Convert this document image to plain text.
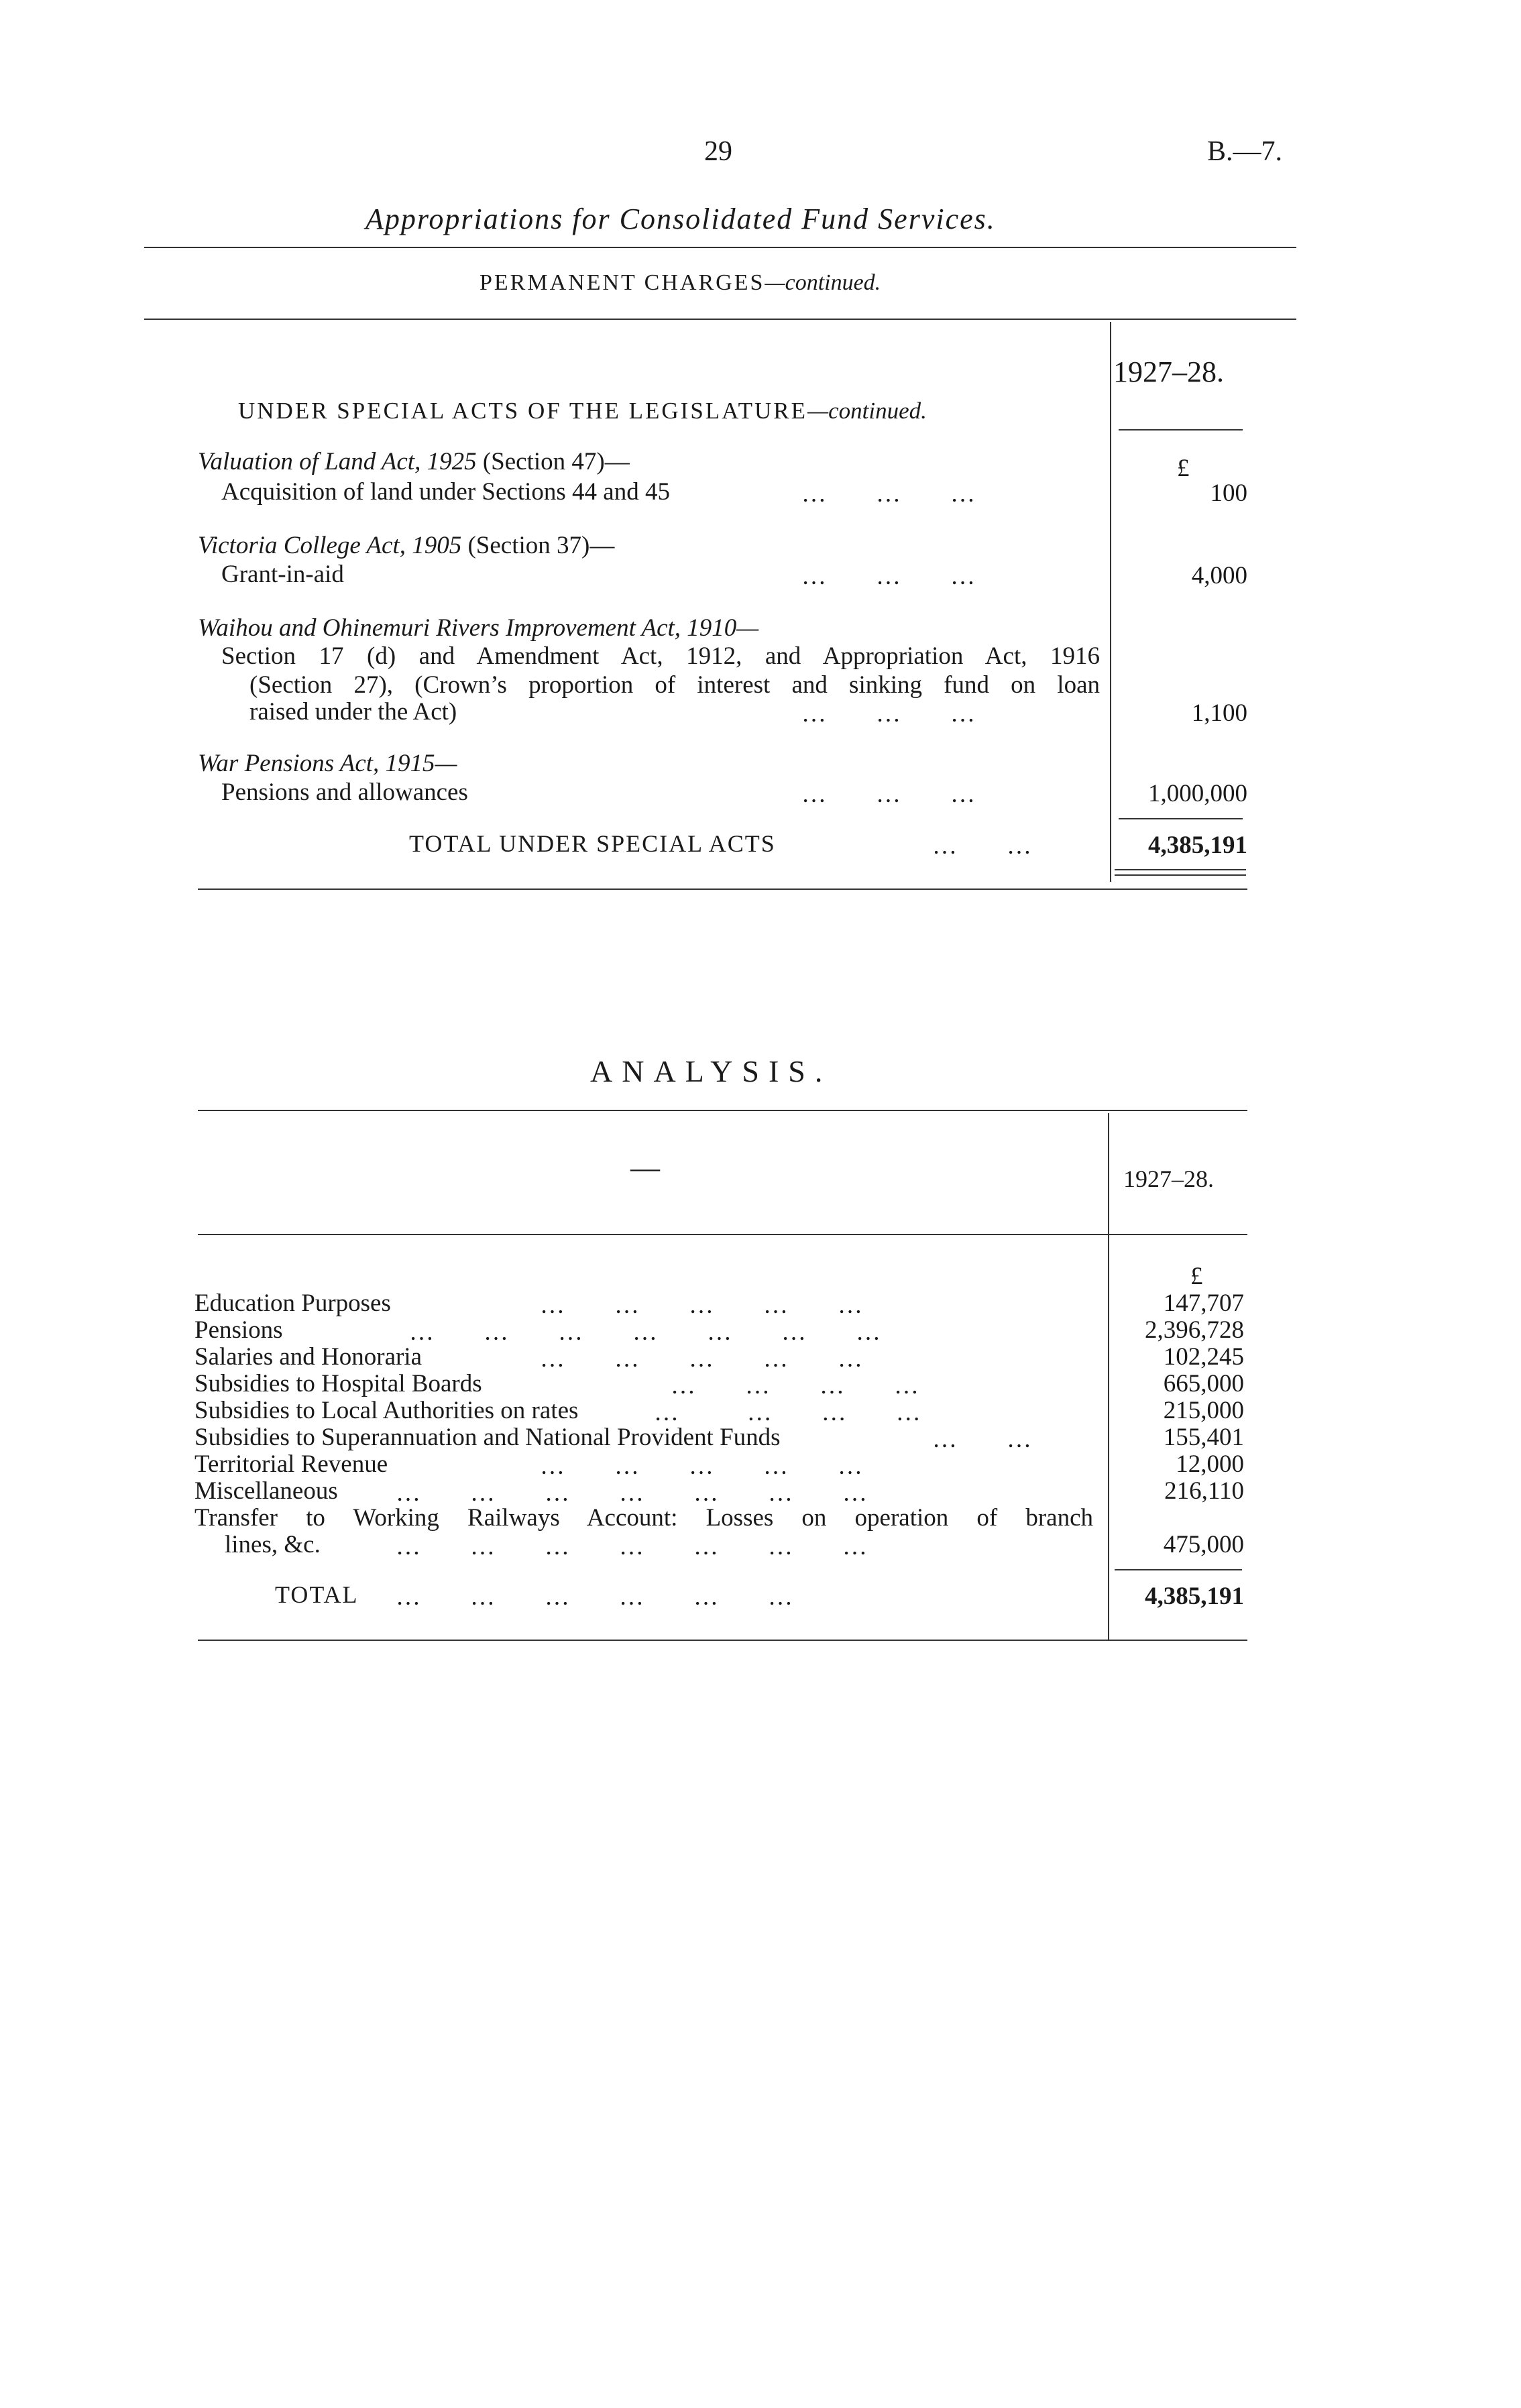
29	B.—7.
Appropriations for Consolidated Fund Services.
PERMANENT CHARGES—continued.
1927–28.
UNDER SPECIAL ACTS OF THE LEGISLATURE—continued.
Valuation of Land Act, 1925 (Section 47)—	£
Acquisition of land under Sections 44 and 45	…        …        …	100
Victoria College Act, 1905 (Section 37)—
Grant-in-aid	…        …        …	4,000
Waihou and Ohinemuri Rivers Improvement Act, 1910—
Section 17 (d) and Amendment Act, 1912, and Appropriation Act, 1916
(Section 27), (Crown’s proportion of interest and sinking fund on loan
raised under the Act)	…        …        …	1,100
War Pensions Act, 1915—
Pensions and allowances	…        …        …	1,000,000
TOTAL UNDER SPECIAL ACTS	…        …	4,385,191
ANALYSIS.
—	1927–28.
£
Education Purposes	…        …        …        …        …	147,707
Pensions	…        …        …        …        …        …        …	2,396,728
Salaries and Honoraria	…        …        …        …        …	102,245
Subsidies to Hospital Boards	…        …        …        …	665,000
Subsidies to Local Authorities on rates	…           …        …        …	215,000
Subsidies to Superannuation and National Provident Funds	…        …	155,401
Territorial Revenue	…        …        …        …        …	12,000
Miscellaneous …        …        …        …        …        …        …	216,110
Transfer to Working Railways Account: Losses on operation of branch
lines, &c.	…        …        …        …        …        …        …	475,000
TOTAL …        …        …        …        …        …	4,385,191
